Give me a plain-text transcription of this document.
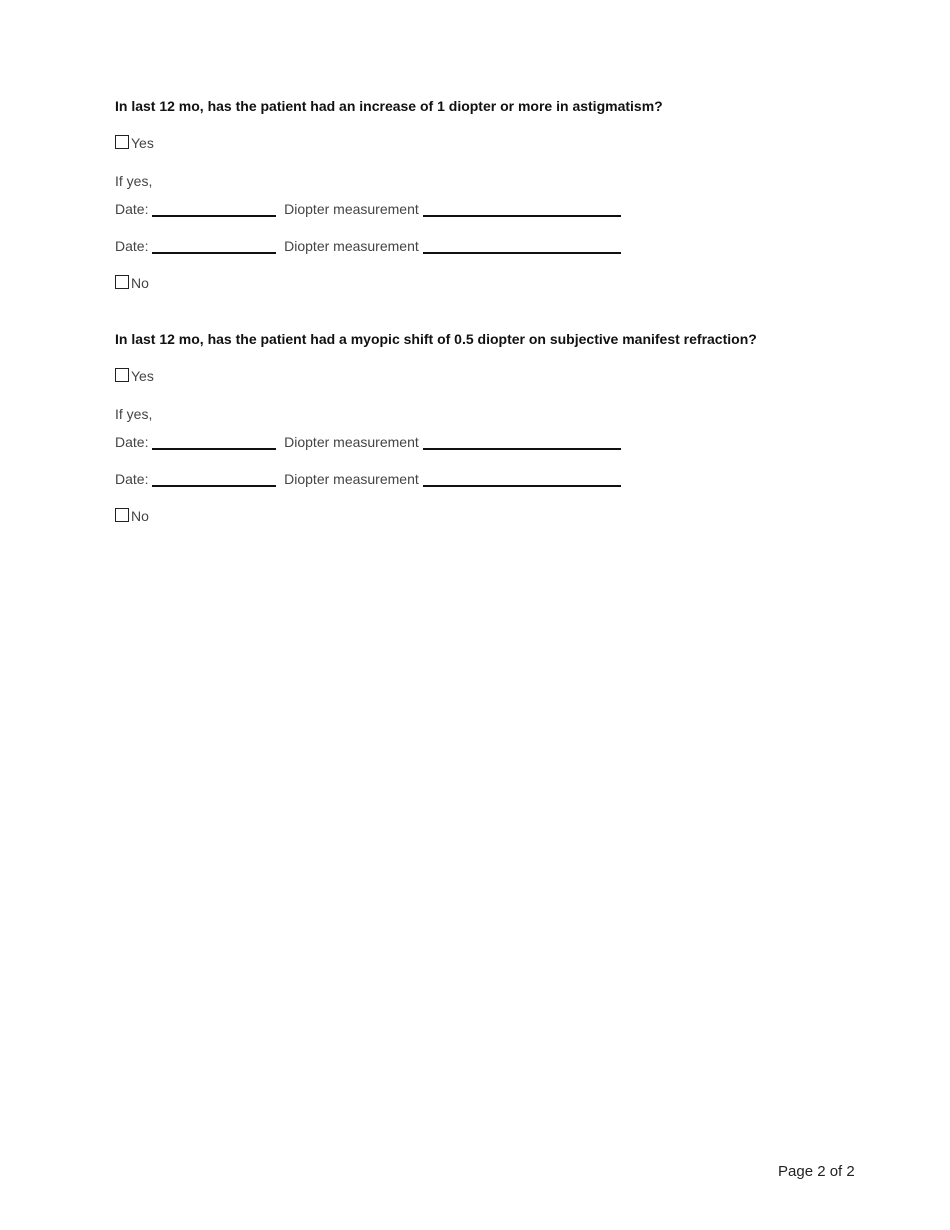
In last 12 mo, has the patient had an increase of 1 diopter or more in astigmatism?
Yes
If yes,
Date:	Diopter measurement
Date:	Diopter measurement
No
In last 12 mo, has the patient had a myopic shift of 0.5 diopter on subjective manifest refraction?
Yes
If yes,
Date:	Diopter measurement
Date:	Diopter measurement
No
Page 2 of 2
